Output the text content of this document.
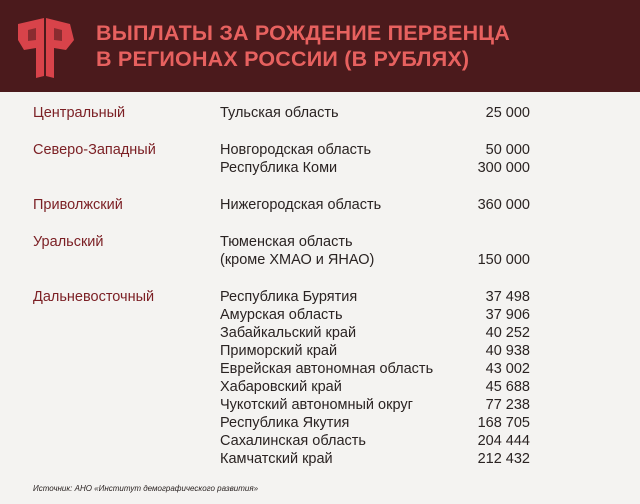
ВЫПЛАТЫ ЗА РОЖДЕНИЕ ПЕРВЕНЦА
В РЕГИОНАХ РОССИИ (В РУБЛЯХ)
Центральный	Тульская область	25 000
Северо-Западный	Новгородская область	50 000
Республика Коми	300 000
Приволжский	Нижегородская область	360 000
Уральский	Тюменская область
(кроме ХМАО и ЯНАО)	150 000
Дальневосточный	Республика Бурятия	37 498
Амурская область	37 906
Забайкальский край	40 252
Приморский край	40 938
Еврейская автономная область	43 002
Хабаровский край	45 688
Чукотский автономный округ	77 238
Республика Якутия	168 705
Сахалинская область	204 444
Камчатский край	212 432
Источник: АНО «Институт демографического развития»
